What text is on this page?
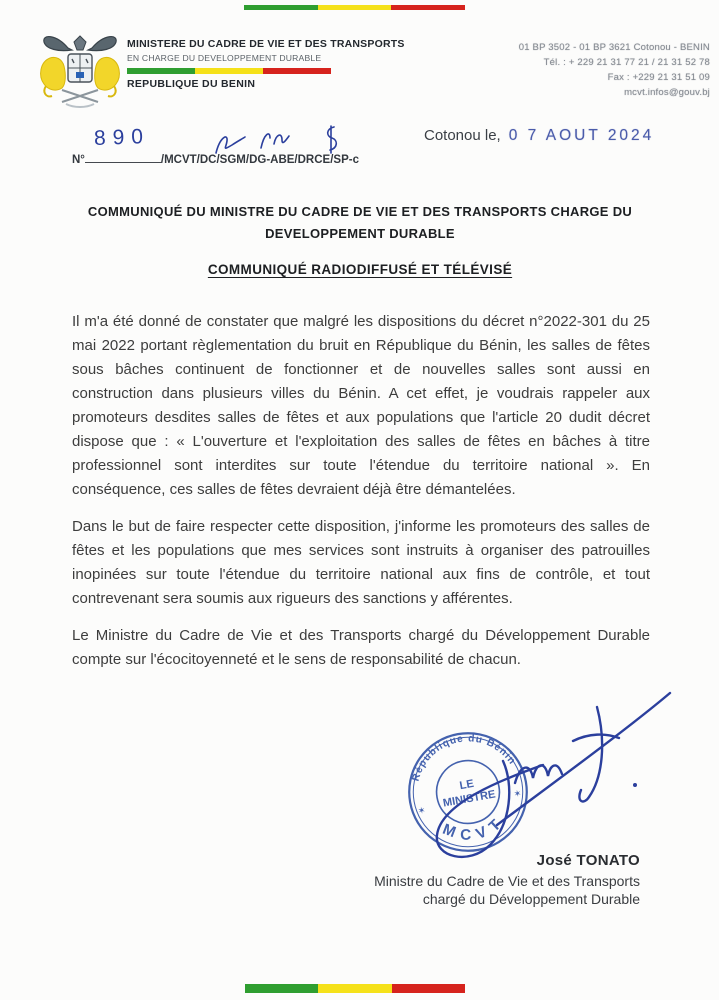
MINISTERE DU CADRE DE VIE ET DES TRANSPORTS
EN CHARGE DU DEVELOPPEMENT DURABLE
REPUBLIQUE DU BENIN
01 BP 3502 - 01 BP 3621 Cotonou - BENIN
Tél. : + 229 21 31 77 21 / 21 31 52 78
Fax : +229 21 31 51 09
mcvt.infos@gouv.bj
890
N°	/MCVT/DC/SGM/DG-ABE/DRCE/SP-c
Cotonou le, 0 7 AOUT 2024
COMMUNIQUÉ DU MINISTRE DU CADRE DE VIE ET DES TRANSPORTS CHARGE DU DEVELOPPEMENT DURABLE
COMMUNIQUÉ RADIODIFFUSÉ ET TÉLÉVISÉ

Il m'a été donné de constater que malgré les dispositions du décret n°2022-301 du 25 mai 2022 portant règlementation du bruit en République du Bénin, les salles de fêtes sous bâches continuent de fonctionner et de nouvelles salles sont aussi en construction dans plusieurs villes du Bénin. A cet effet, je voudrais rappeler aux promoteurs desdites salles de fêtes et aux populations que l'article 20 dudit décret dispose que : « L'ouverture et l'exploitation des salles de fêtes en bâches à titre professionnel sont interdites sur toute l'étendue du territoire national ». En conséquence, ces salles de fêtes devraient déjà être démantelées.

Dans le but de faire respecter cette disposition, j'informe les promoteurs des salles de fêtes et les populations que mes services sont instruits à organiser des patrouilles inopinées sur toute l'étendue du territoire national aux fins de contrôle, et tout contrevenant sera soumis aux rigueurs des sanctions y afférentes.

Le Ministre du Cadre de Vie et des Transports chargé du Développement Durable compte sur l'écocitoyenneté et le sens de responsabilité de chacun.

République du Bénin
MCVT
LE
MINISTRE
✶
✶
José TONATO
Ministre du Cadre de Vie et des Transports
chargé du Développement Durable
